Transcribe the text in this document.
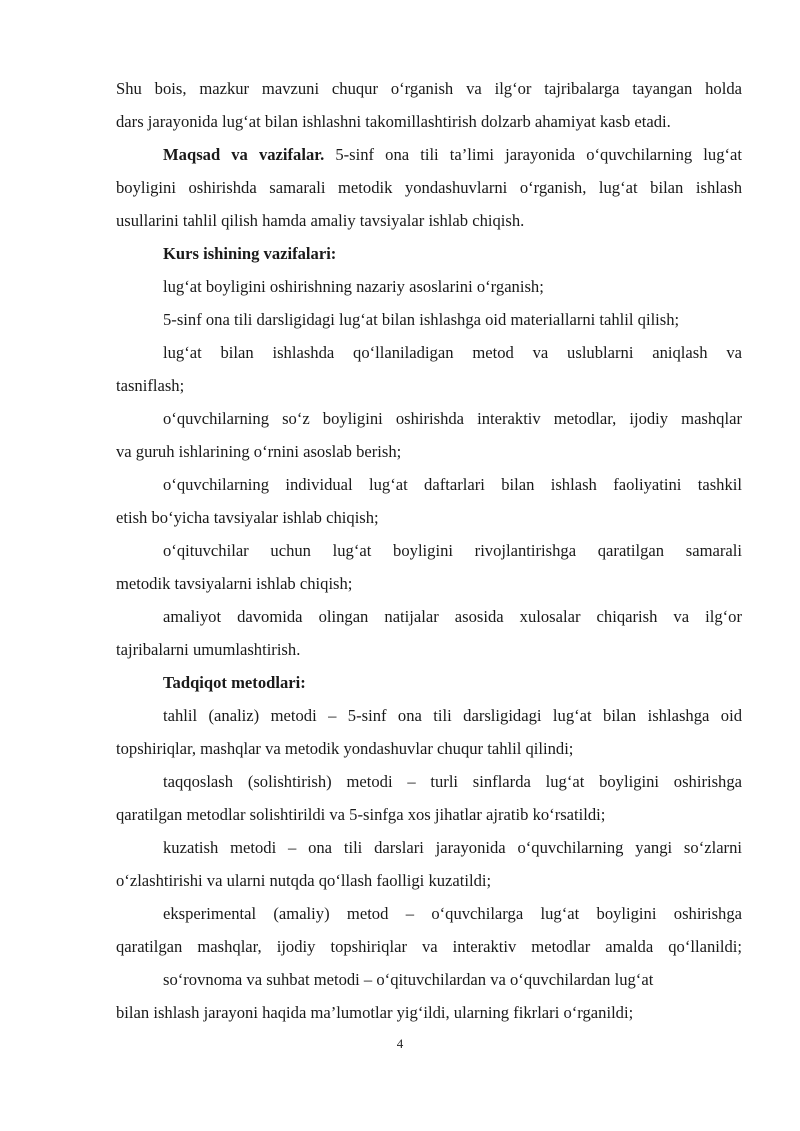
Shu bois, mazkur mavzuni chuqur o‘rganish va ilg‘or tajribalarga tayangan holda
dars jarayonida lug‘at bilan ishlashni takomillashtirish dolzarb ahamiyat kasb etadi.
Maqsad va vazifalar. 5-sinf ona tili ta’limi jarayonida o‘quvchilarning lug‘at
boyligini oshirishda samarali metodik yondashuvlarni o‘rganish, lug‘at bilan ishlash
usullarini tahlil qilish hamda amaliy tavsiyalar ishlab chiqish.
Kurs ishining vazifalari:
lug‘at boyligini oshirishning nazariy asoslarini o‘rganish;
5-sinf ona tili darsligidagi lug‘at bilan ishlashga oid materiallarni tahlil qilish;
lug‘at bilan ishlashda qo‘llaniladigan metod va uslublarni aniqlash va
tasniflash;
o‘quvchilarning so‘z boyligini oshirishda interaktiv metodlar, ijodiy mashqlar
va guruh ishlarining o‘rnini asoslab berish;
o‘quvchilarning individual lug‘at daftarlari bilan ishlash faoliyatini tashkil
etish bo‘yicha tavsiyalar ishlab chiqish;
o‘qituvchilar uchun lug‘at boyligini rivojlantirishga qaratilgan samarali
metodik tavsiyalarni ishlab chiqish;
amaliyot davomida olingan natijalar asosida xulosalar chiqarish va ilg‘or
tajribalarni umumlashtirish.
Tadqiqot metodlari:
tahlil (analiz) metodi – 5-sinf ona tili darsligidagi lug‘at bilan ishlashga oid
topshiriqlar, mashqlar va metodik yondashuvlar chuqur tahlil qilindi;
taqqoslash (solishtirish) metodi – turli sinflarda lug‘at boyligini oshirishga
qaratilgan metodlar solishtirildi va 5-sinfga xos jihatlar ajratib ko‘rsatildi;
kuzatish metodi – ona tili darslari jarayonida o‘quvchilarning yangi so‘zlarni
o‘zlashtirishi va ularni nutqda qo‘llash faolligi kuzatildi;
eksperimental (amaliy) metod – o‘quvchilarga lug‘at boyligini oshirishga
qaratilgan mashqlar, ijodiy topshiriqlar va interaktiv metodlar amalda qo‘llanildi;
so‘rovnoma va suhbat metodi – o‘qituvchilardan va o‘quvchilardan lug‘at
bilan ishlash jarayoni haqida ma’lumotlar yig‘ildi, ularning fikrlari o‘rganildi;
4
